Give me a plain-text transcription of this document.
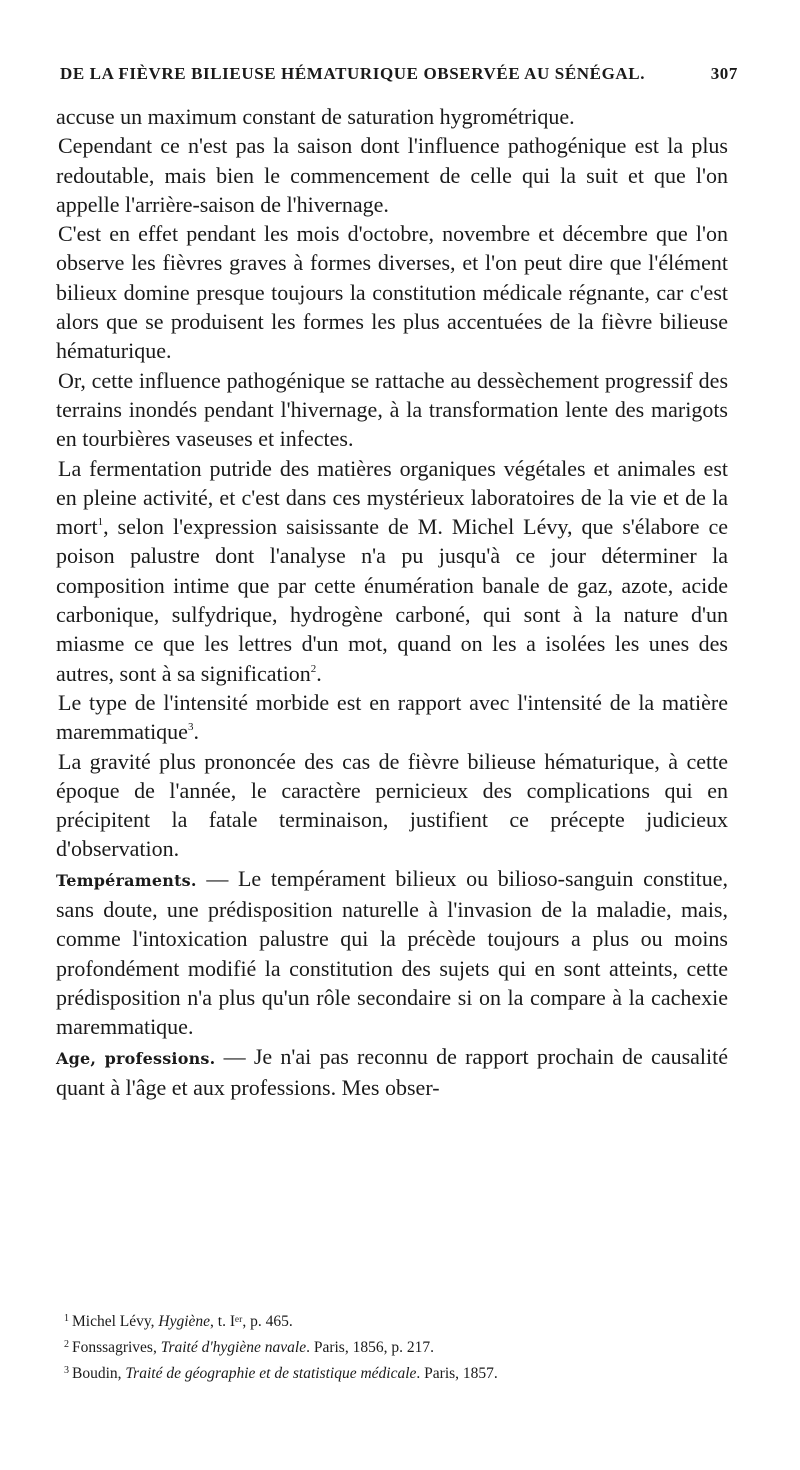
DE LA FIÈVRE BILIEUSE HÉMATURIQUE OBSERVÉE AU SÉNÉGAL.	307

accuse un maximum constant de saturation hygrométrique.

Cependant ce n'est pas la saison dont l'influence pathogénique est la plus redoutable, mais bien le commencement de celle qui la suit et que l'on appelle l'arrière-saison de l'hivernage.

C'est en effet pendant les mois d'octobre, novembre et décembre que l'on observe les fièvres graves à formes diverses, et l'on peut dire que l'élément bilieux domine presque toujours la constitution médicale régnante, car c'est alors que se produisent les formes les plus accentuées de la fièvre bilieuse hématurique.

Or, cette influence pathogénique se rattache au dessèchement progressif des terrains inondés pendant l'hivernage, à la transformation lente des marigots en tourbières vaseuses et infectes.

La fermentation putride des matières organiques végétales et animales est en pleine activité, et c'est dans ces mystérieux laboratoires de la vie et de la mort$^1$, selon l'expression saisissante de M. Michel Lévy, que s'élabore ce poison palustre dont l'analyse n'a pu jusqu'à ce jour déterminer la composition intime que par cette énumération banale de gaz, azote, acide carbonique, sulfydrique, hydrogène carboné, qui sont à la nature d'un miasme ce que les lettres d'un mot, quand on les a isolées les unes des autres, sont à sa signification$^2$.

Le type de l'intensité morbide est en rapport avec l'intensité de la matière maremmatique$^3$.

La gravité plus prononcée des cas de fièvre bilieuse hématurique, à cette époque de l'année, le caractère pernicieux des complications qui en précipitent la fatale terminaison, justifient ce précepte judicieux d'observation.

Tempéraments. — Le tempérament bilieux ou bilioso-sanguin constitue, sans doute, une prédisposition naturelle à l'invasion de la maladie, mais, comme l'intoxication palustre qui la précède toujours a plus ou moins profondément modifié la constitution des sujets qui en sont atteints, cette prédisposition n'a plus qu'un rôle secondaire si on la compare à la cachexie maremmatique.

Age, professions. — Je n'ai pas reconnu de rapport prochain de causalité quant à l'âge et aux professions. Mes obser-

$^1$ Michel Lévy, Hygiène, t. Iᵉʳ, p. 465.

$^2$ Fonssagrives, Traité d'hygiène navale. Paris, 1856, p. 217.

$^3$ Boudin, Traité de géographie et de statistique médicale. Paris, 1857.
